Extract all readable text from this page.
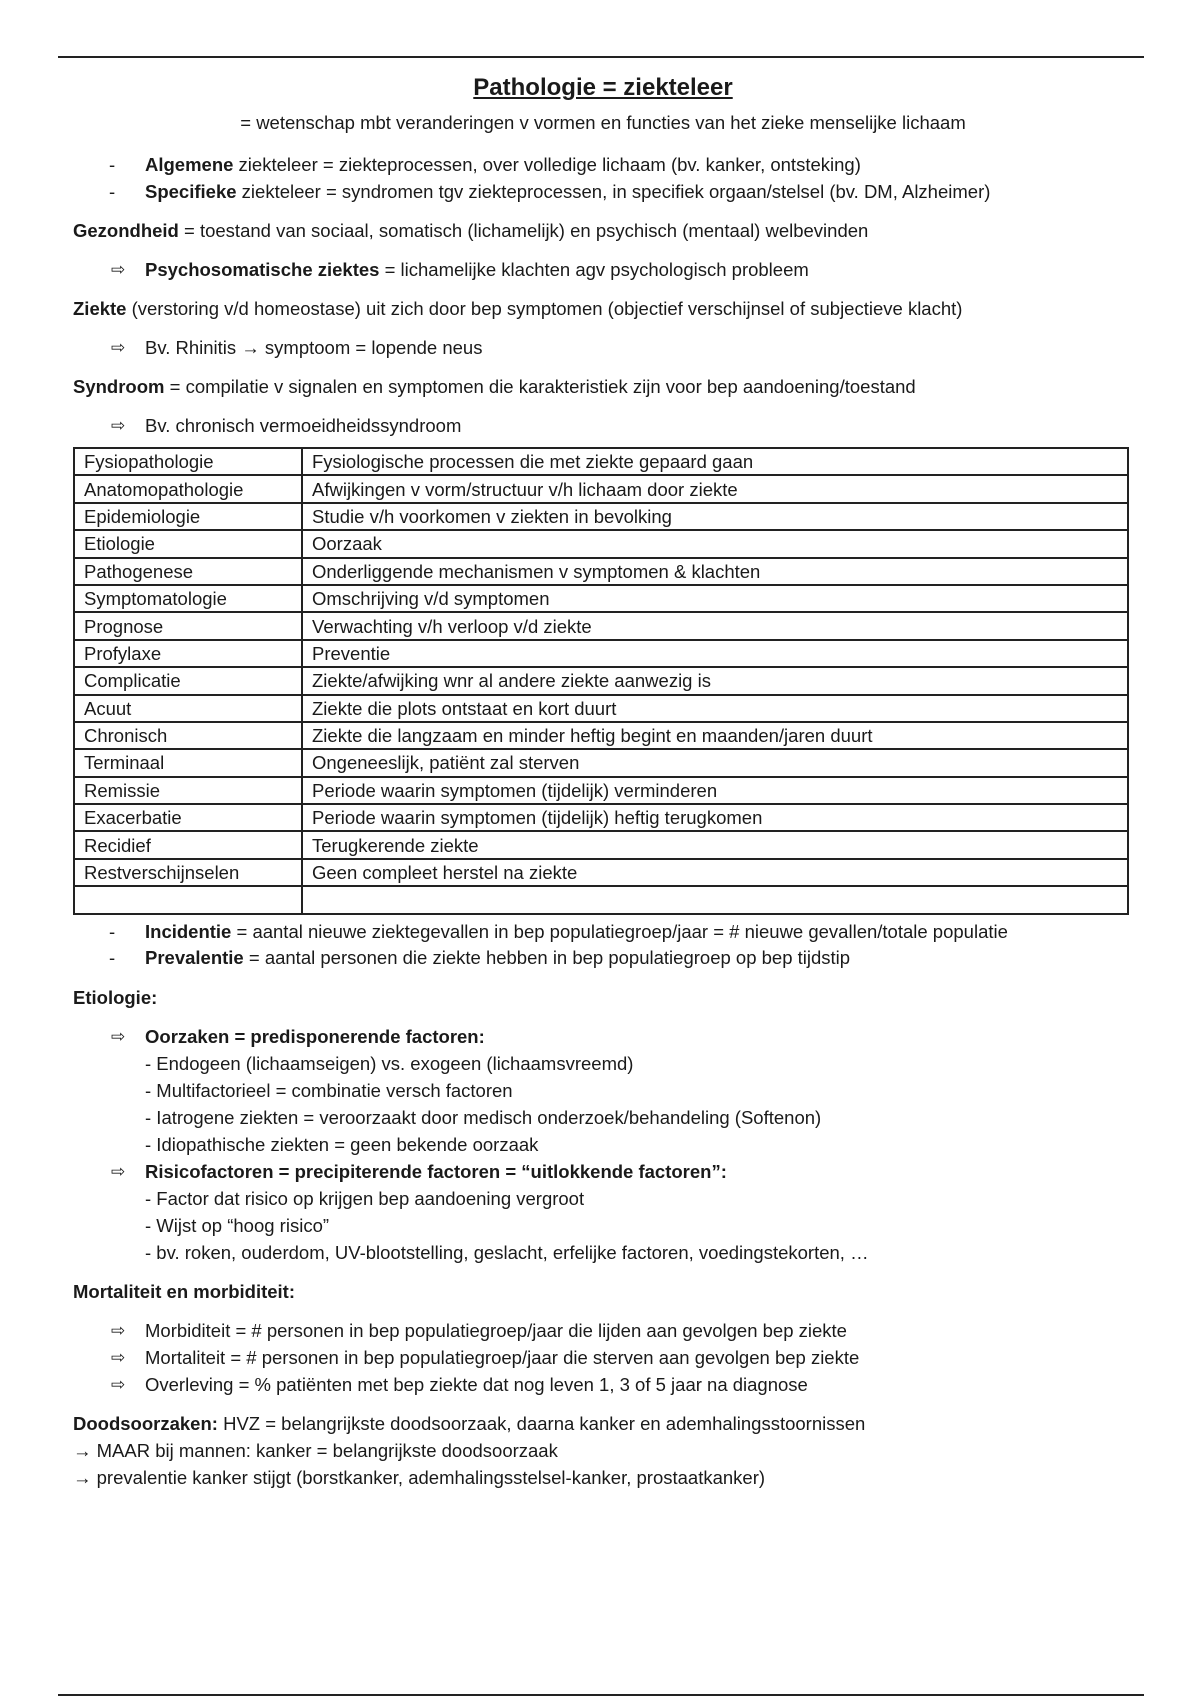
Pathologie = ziekteleer

= wetenschap mbt veranderingen v vormen en functies van het zieke menselijke lichaam

-	Algemene ziekteleer = ziekteprocessen, over volledige lichaam (bv. kanker, ontsteking)
-	Specifieke ziekteleer = syndromen tgv ziekteprocessen, in specifiek orgaan/stelsel (bv. DM, Alzheimer)

Gezondheid = toestand van sociaal, somatisch (lichamelijk) en psychisch (mentaal) welbevinden

⇨	Psychosomatische ziektes = lichamelijke klachten agv psychologisch probleem

Ziekte (verstoring v/d homeostase) uit zich door bep symptomen (objectief verschijnsel of subjectieve klacht)

⇨	Bv. Rhinitis → symptoom = lopende neus

Syndroom = compilatie v signalen en symptomen die karakteristiek zijn voor bep aandoening/toestand

⇨	Bv. chronisch vermoeidheidssyndroom
Fysiopathologie	Fysiologische processen die met ziekte gepaard gaan
Anatomopathologie	Afwijkingen v vorm/structuur v/h lichaam door ziekte
Epidemiologie	Studie v/h voorkomen v ziekten in bevolking
Etiologie	Oorzaak
Pathogenese	Onderliggende mechanismen v symptomen & klachten
Symptomatologie	Omschrijving v/d symptomen
Prognose	Verwachting v/h verloop v/d ziekte
Profylaxe	Preventie
Complicatie	Ziekte/afwijking wnr al andere ziekte aanwezig is
Acuut	Ziekte die plots ontstaat en kort duurt
Chronisch	Ziekte die langzaam en minder heftig begint en maanden/jaren duurt
Terminaal	Ongeneeslijk, patiënt zal sterven
Remissie	Periode waarin symptomen (tijdelijk) verminderen
Exacerbatie	Periode waarin symptomen (tijdelijk) heftig terugkomen
Recidief	Terugkerende ziekte
Restverschijnselen	Geen compleet herstel na ziekte

-	Incidentie = aantal nieuwe ziektegevallen in bep populatiegroep/jaar = # nieuwe gevallen/totale populatie
-	Prevalentie = aantal personen die ziekte hebben in bep populatiegroep op bep tijdstip

Etiologie:

⇨	Oorzaken = predisponerende factoren:
- Endogeen (lichaamseigen) vs. exogeen (lichaamsvreemd)
- Multifactorieel = combinatie versch factoren
- Iatrogene ziekten = veroorzaakt door medisch onderzoek/behandeling (Softenon)
- Idiopathische ziekten = geen bekende oorzaak
⇨	Risicofactoren = precipiterende factoren = “uitlokkende factoren”:
- Factor dat risico op krijgen bep aandoening vergroot
- Wijst op “hoog risico”
- bv. roken, ouderdom, UV-blootstelling, geslacht, erfelijke factoren, voedingstekorten, …

Mortaliteit en morbiditeit:

⇨	Morbiditeit = # personen in bep populatiegroep/jaar die lijden aan gevolgen bep ziekte
⇨	Mortaliteit = # personen in bep populatiegroep/jaar die sterven aan gevolgen bep ziekte
⇨	Overleving = % patiënten met bep ziekte dat nog leven 1, 3 of 5 jaar na diagnose

Doodsoorzaken: HVZ = belangrijkste doodsoorzaak, daarna kanker en ademhalingsstoornissen

→ MAAR bij mannen: kanker = belangrijkste doodsoorzaak

→ prevalentie kanker stijgt (borstkanker, ademhalingsstelsel-kanker, prostaatkanker)
